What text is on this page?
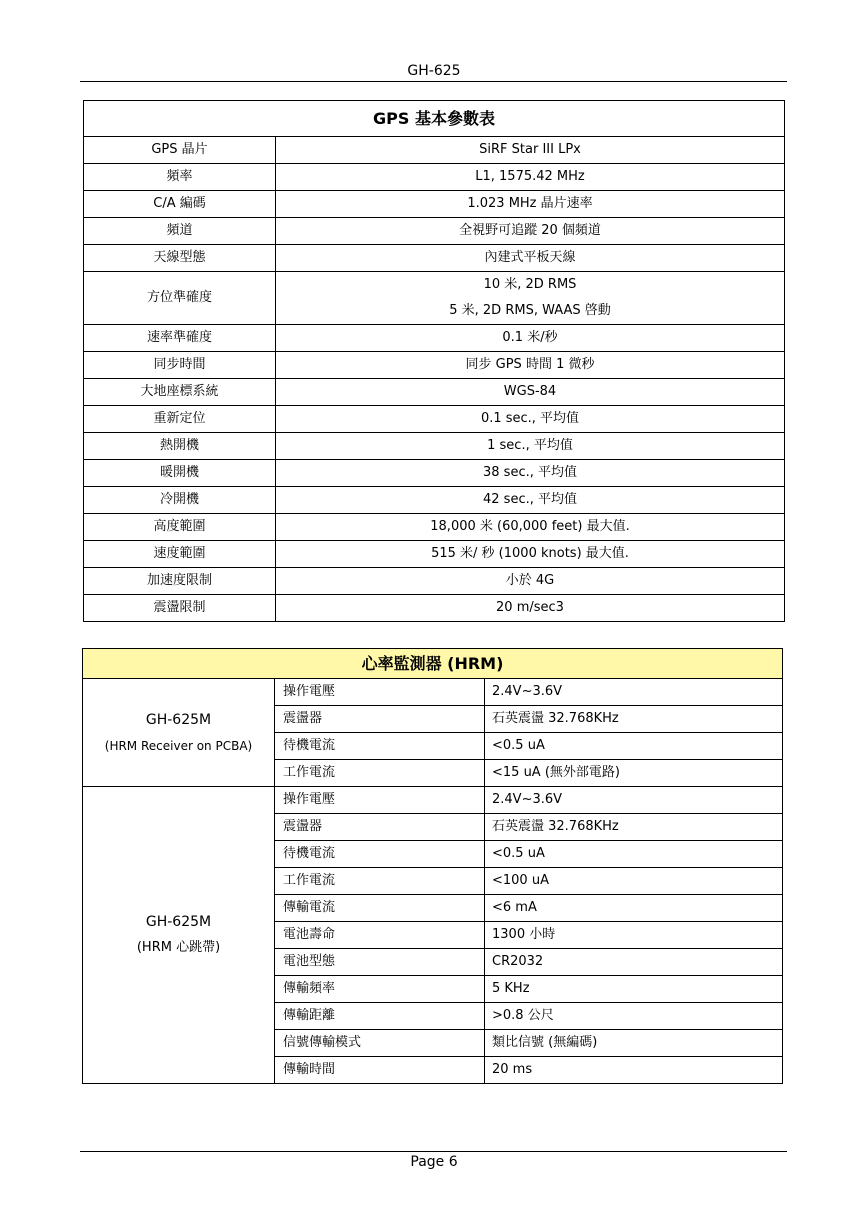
GH-625
GPS 基本參數表	
GPS 晶片	SiRF Star III LPx

頻率	L1, 1575.42 MHz

C/A 編碼	1.023 MHz 晶片速率

頻道	全視野可追蹤 20 個頻道

天線型態	內建式平板天線

方位準確度	10 米, 2D RMS
5 米, 2D RMS, WAAS 啓動

速率準確度	0.1 米/秒

同步時間	同步 GPS 時間 1 微秒

大地座標系統	WGS-84

重新定位	0.1 sec., 平均值

熱開機	1 sec., 平均值

暖開機	38 sec., 平均值

冷開機	42 sec., 平均值

高度範圍	18,000 米 (60,000 feet) 最大值.

速度範圍	515 米/ 秒 (1000 knots) 最大值.

加速度限制	小於 4G

震盪限制	20 m/sec3
心率監測器 (HRM)		

GH-625M
(HRM Receiver on PCBA)	操作電壓	2.4V~3.6V
	震盪器	石英震盪 32.768KHz
	待機電流	<0.5 uA
	工作電流	<15 uA (無外部電路)

GH-625M
(HRM 心跳帶)	操作電壓	2.4V~3.6V
	震盪器	石英震盪 32.768KHz
	待機電流	<0.5 uA
	工作電流	<100 uA
	傳輸電流	<6 mA
	電池壽命	1300 小時
	電池型態	CR2032
	傳輸頻率	5 KHz
	傳輸距離	>0.8 公尺
	信號傳輸模式	類比信號 (無編碼)
	傳輸時間	20 ms
Page 6
